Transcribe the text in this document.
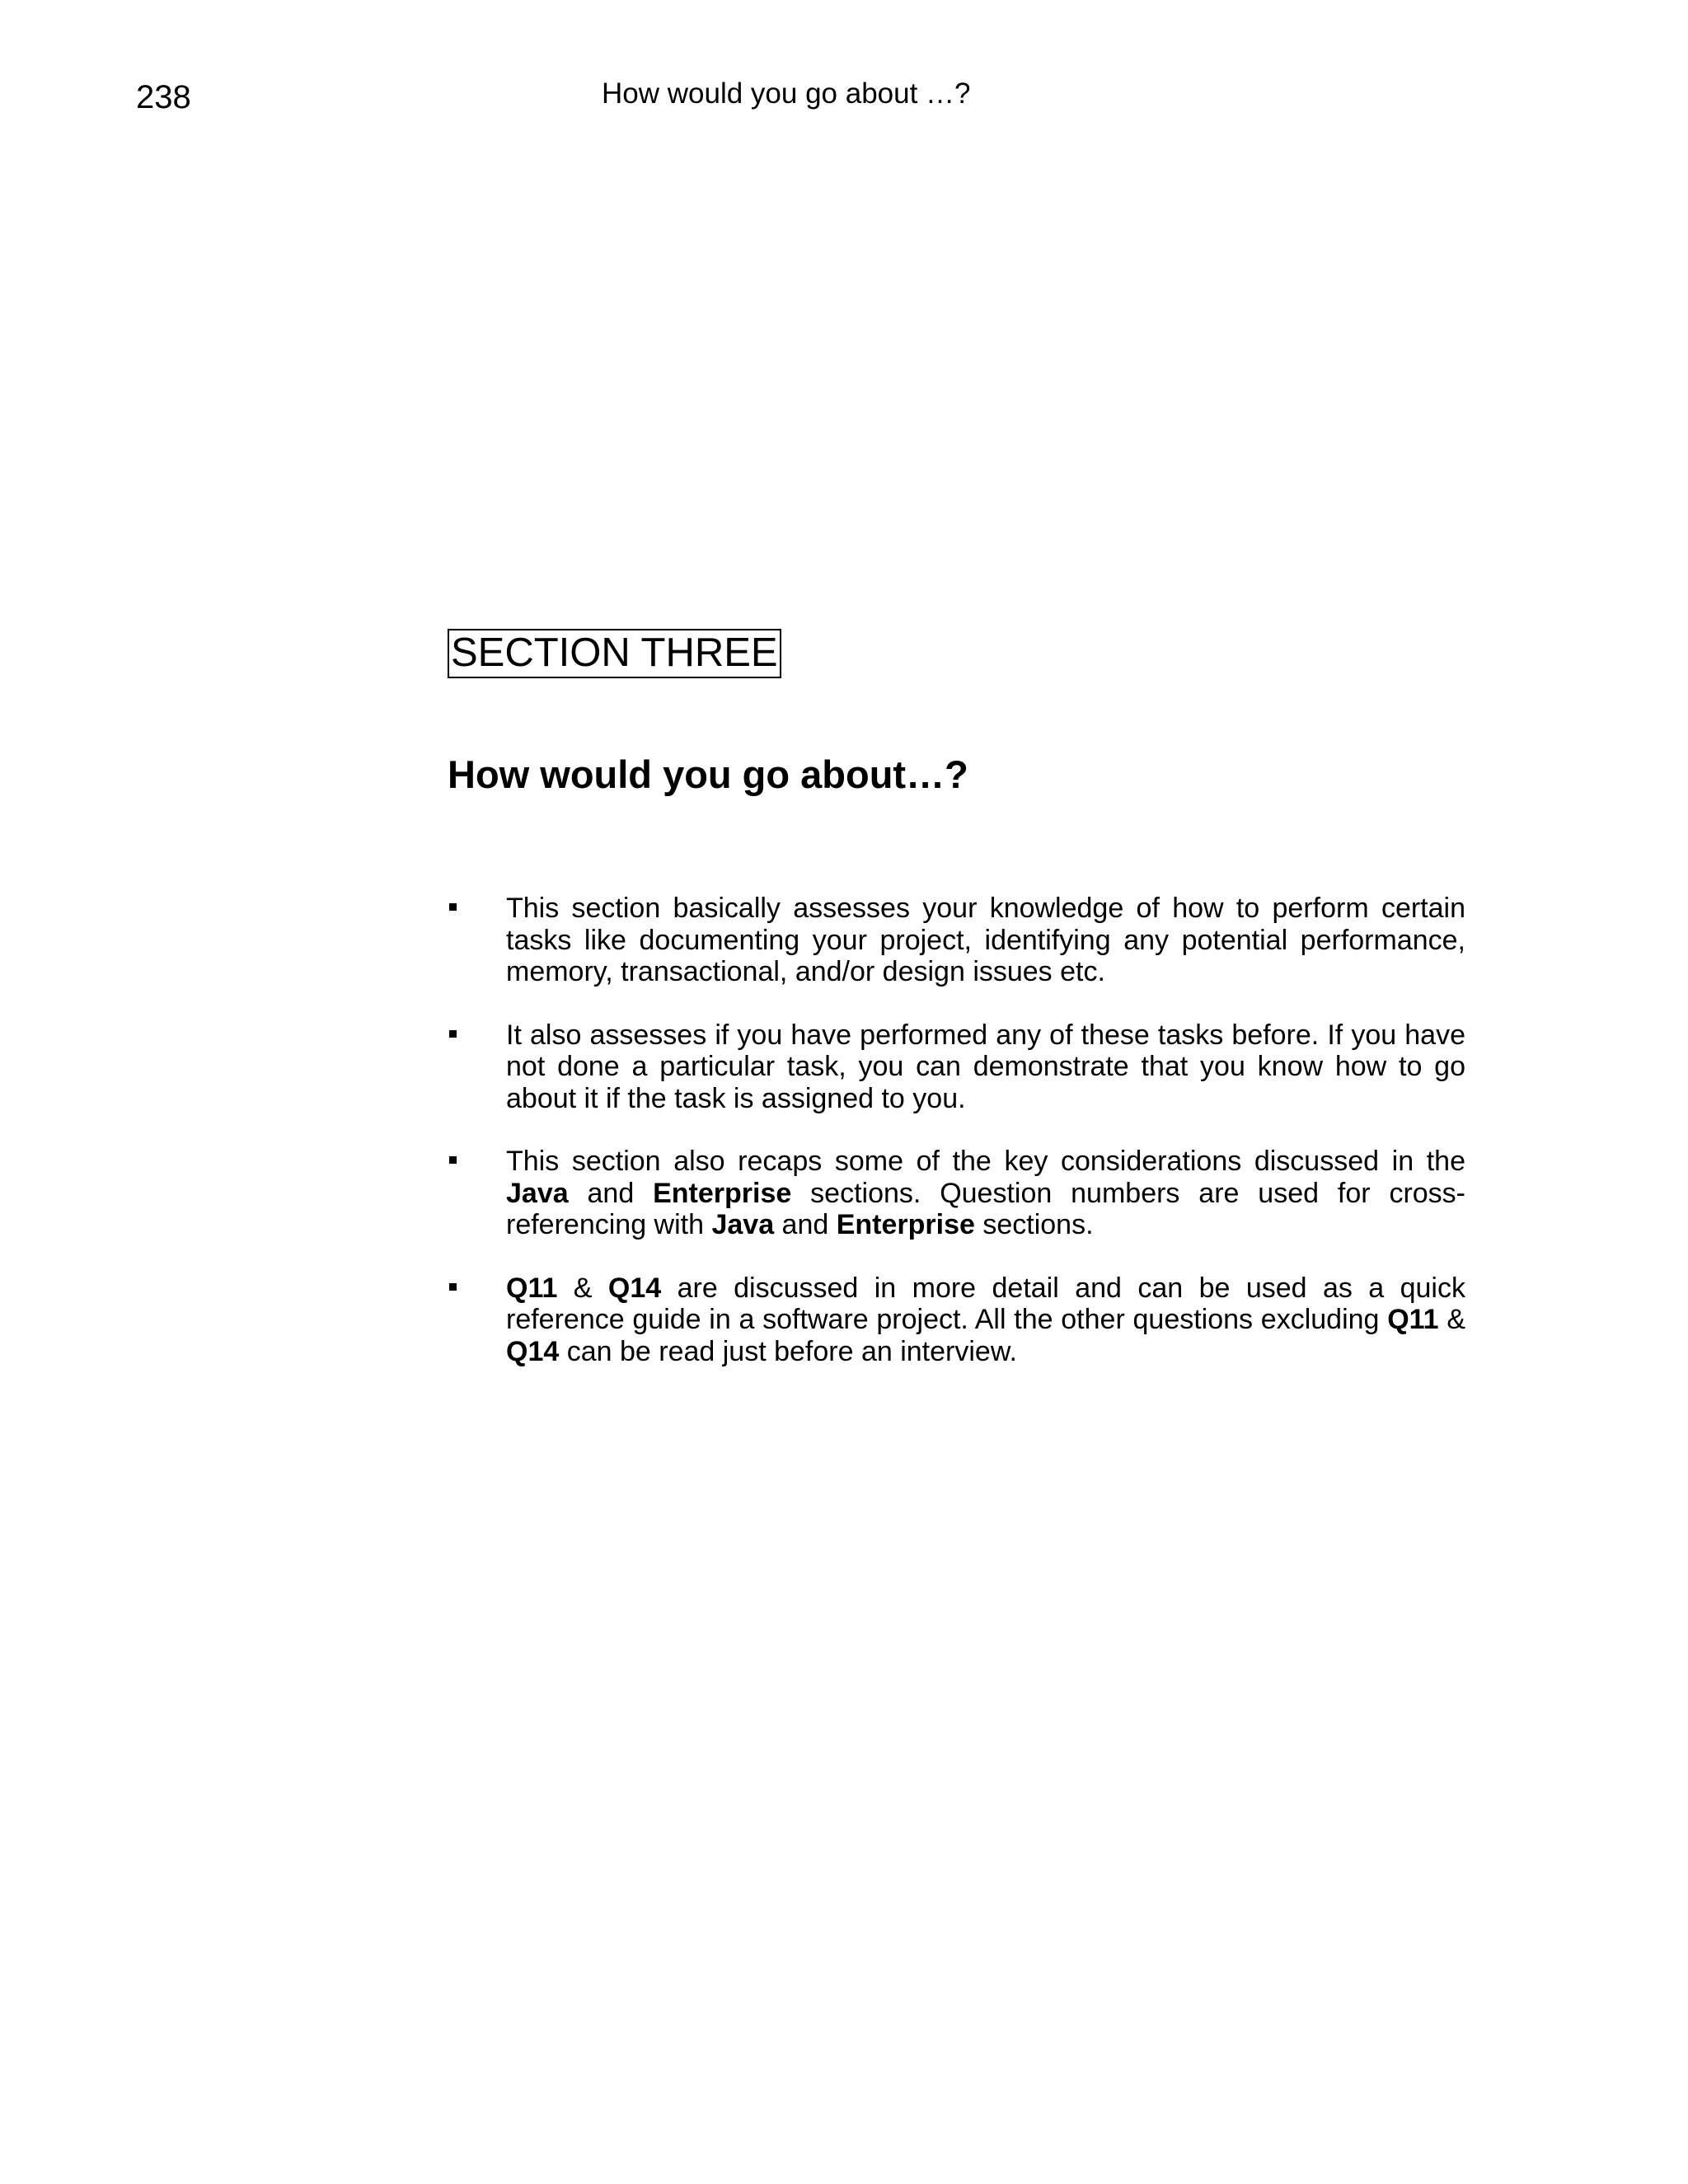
238	How would you go about …?
SECTION THREE
How would you go about…?
This section basically assesses your knowledge of how to perform certain tasks like documenting your project, identifying any potential performance, memory, transactional, and/or design issues etc.
It also assesses if you have performed any of these tasks before. If you have not done a particular task, you can demonstrate that you know how to go about it if the task is assigned to you.
This section also recaps some of the key considerations discussed in the Java and Enterprise sections. Question numbers are used for cross-referencing with Java and Enterprise sections.
Q11 & Q14 are discussed in more detail and can be used as a quick reference guide in a software project. All the other questions excluding Q11 & Q14 can be read just before an interview.
